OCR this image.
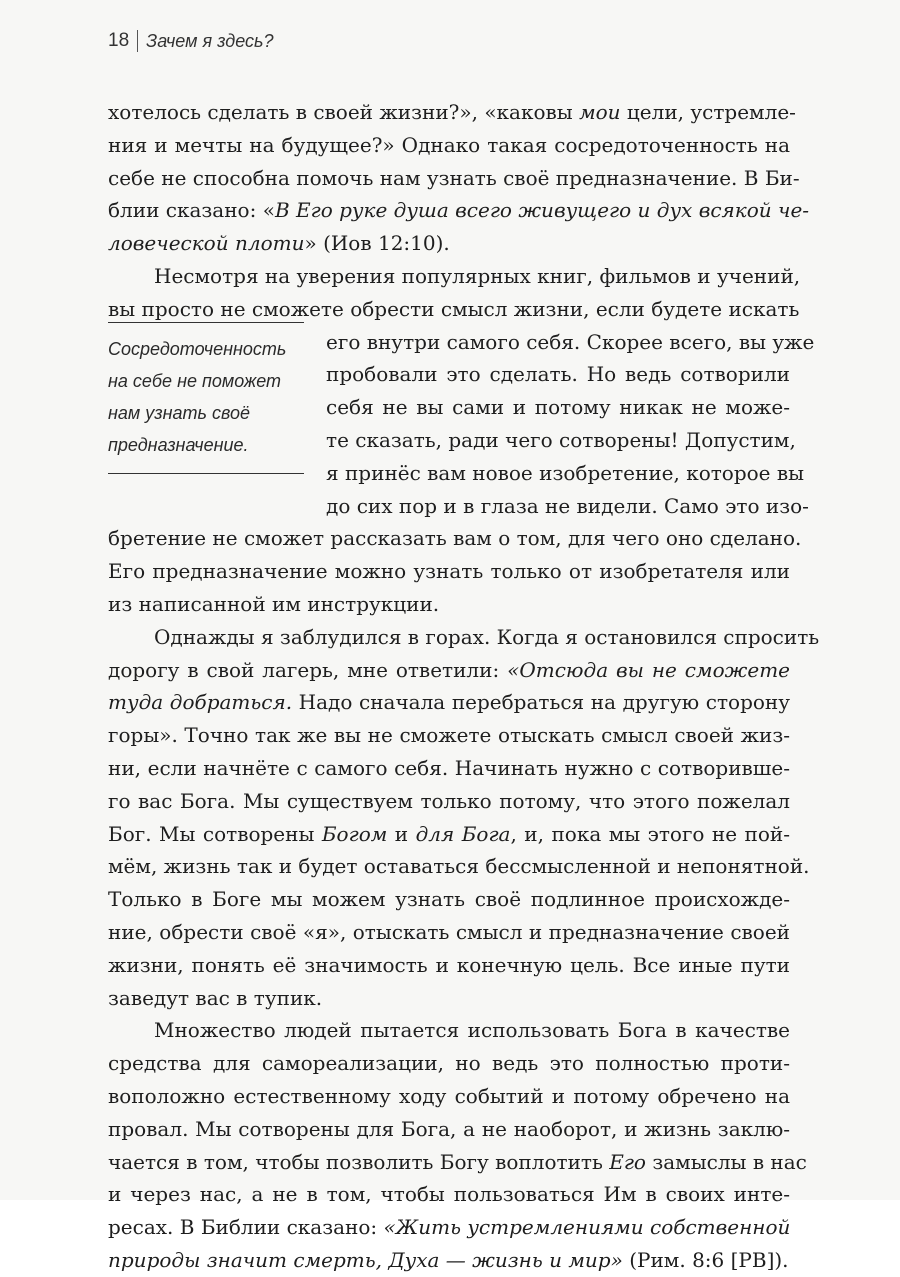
18 Зачем я здесь?
Сосредоточенность
на себе не поможет
нам узнать своё
предназначение.
хотелось сделать в своей жизни?», «каковы мои цели, устремле-
ния и мечты на будущее?» Однако такая сосредоточенность на
себе не способна помочь нам узнать своё предназначение. В Би-
блии сказано: «В Его руке душа всего живущего и дух всякой че-
ловеческой плоти» (Иов 12:10).
Несмотря на уверения популярных книг, фильмов и учений,
вы просто не сможете обрести смысл жизни, если будете искать
его внутри самого себя. Скорее всего, вы уже
пробовали это сделать. Но ведь сотворили
себя не вы сами и потому никак не може-
те сказать, ради чего сотворены! Допустим,
я принёс вам новое изобретение, которое вы
до сих пор и в глаза не видели. Само это изо-
бретение не сможет рассказать вам о том, для чего оно сделано.
Его предназначение можно узнать только от изобретателя или
из написанной им инструкции.
Однажды я заблудился в горах. Когда я остановился спросить
дорогу в свой лагерь, мне ответили: «Отсюда вы не сможете
туда добраться. Надо сначала перебраться на другую сторону
горы». Точно так же вы не сможете отыскать смысл своей жиз-
ни, если начнёте с самого себя. Начинать нужно с сотворивше-
го вас Бога. Мы существуем только потому, что этого пожелал
Бог. Мы сотворены Богом и для Бога, и, пока мы этого не пой-
мём, жизнь так и будет оставаться бессмысленной и непонятной.
Только в Боге мы можем узнать своё подлинное происхожде-
ние, обрести своё «я», отыскать смысл и предназначение своей
жизни, понять её значимость и конечную цель. Все иные пути
заведут вас в тупик.
Множество людей пытается использовать Бога в качестве
средства для самореализации, но ведь это полностью проти-
воположно естественному ходу событий и потому обречено на
провал. Мы сотворены для Бога, а не наоборот, и жизнь заклю-
чается в том, чтобы позволить Богу воплотить Его замыслы в нас
и через нас, а не в том, чтобы пользоваться Им в своих инте-
ресах. В Библии сказано: «Жить устремлениями собственной
природы значит смерть, Духа — жизнь и мир» (Рим. 8:6 [РВ]).
